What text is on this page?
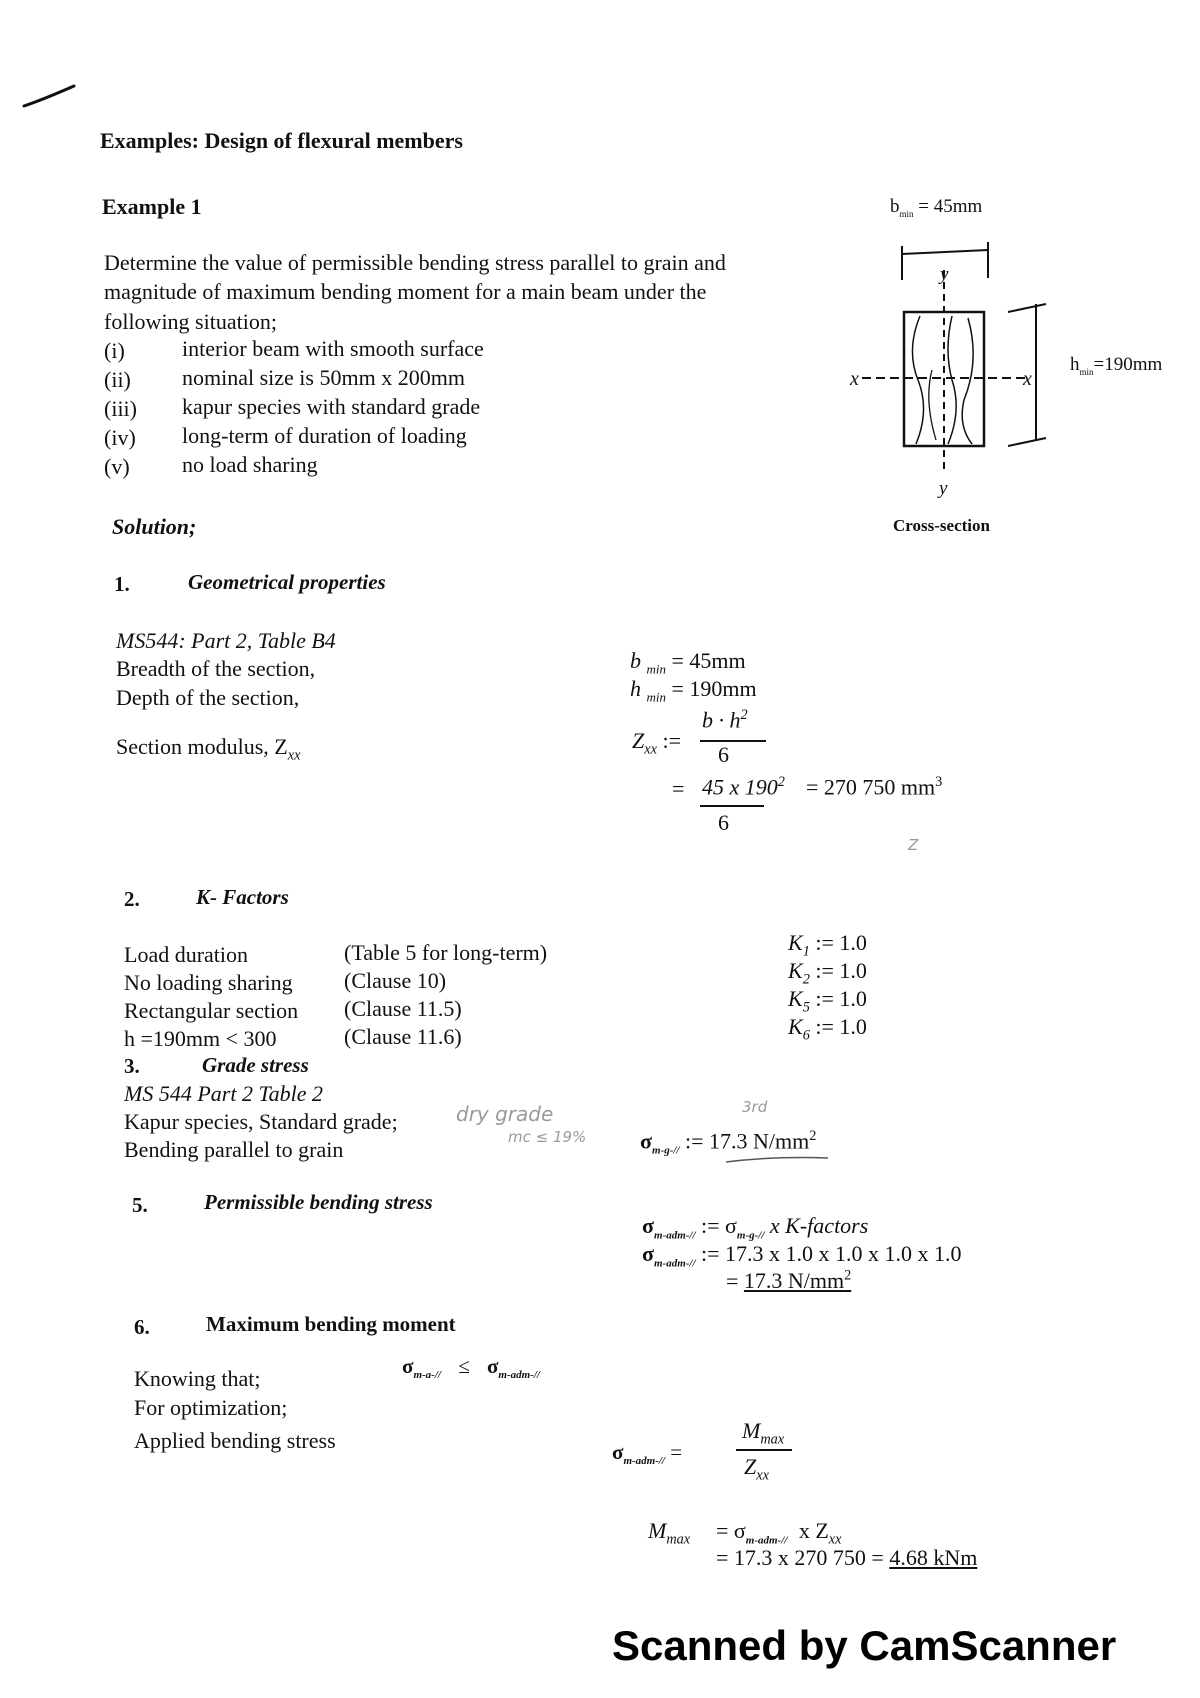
Examples: Design of flexural members
Example 1
Determine the value of permissible bending stress parallel to grain and
magnitude of maximum bending moment for a main beam under the
following situation;
(i)	interior beam with smooth surface
(ii) nominal size is 50mm x 200mm
(iii) kapur species with standard grade
(iv) long-term of duration of loading
(v) no load sharing
$b_{min} = 45mm$
$h_{min}=190mm$
x	x
y
y
Cross-section
Solution;
1.	Geometrical properties
MS544: Part 2, Table B4
Breadth of the section,
Depth of the section,
Section modulus, $Z_{xx}$
b $_{min}$ = 45mm
h $_{min}$ = 190mm
$Z_{xx}$ :=
$b \cdot h^2$
6
= 45 x $190^2$
6
= 270 750 $mm^3$
Z
2.	K- Factors
Load duration	(Table 5 for long-term)	$K_1$ := 1.0
No loading sharing (Clause 10)	$K_2$ := 1.0
Rectangular section (Clause 11.5)	$K_5$ := 1.0
h =190mm < 300	(Clause 11.6)	$K_6$ := 1.0
3.	Grade stress
MS 544 Part 2 Table 2
Kapur species, Standard grade;
Bending parallel to grain
dry grade
mc ≤ 19%
3rd
$\sigma_{m-g-//}$ := 17.3 $N/mm^2$
5.	Permissible bending stress
$\sigma_{m-adm-//}$ := $\sigma_{m-g-//}$ x K-factors
$\sigma_{m-adm-//}$ := 17.3 x 1.0 x 1.0 x 1.0 x 1.0
= 17.3 $N/mm^2$
6.	Maximum bending moment
Knowing that;
For optimization;
Applied bending stress
$\sigma_{m-a-//} \le \sigma_{m-adm-//}$
$\sigma_{m-adm-//}$ =
$M_{max}$
$Z_{xx}$
$M_{max} = \sigma_{m-adm-//}$ x $Z_{xx}$
= 17.3 x 270 750 = 4.68 kNm
Scanned by CamScanner
